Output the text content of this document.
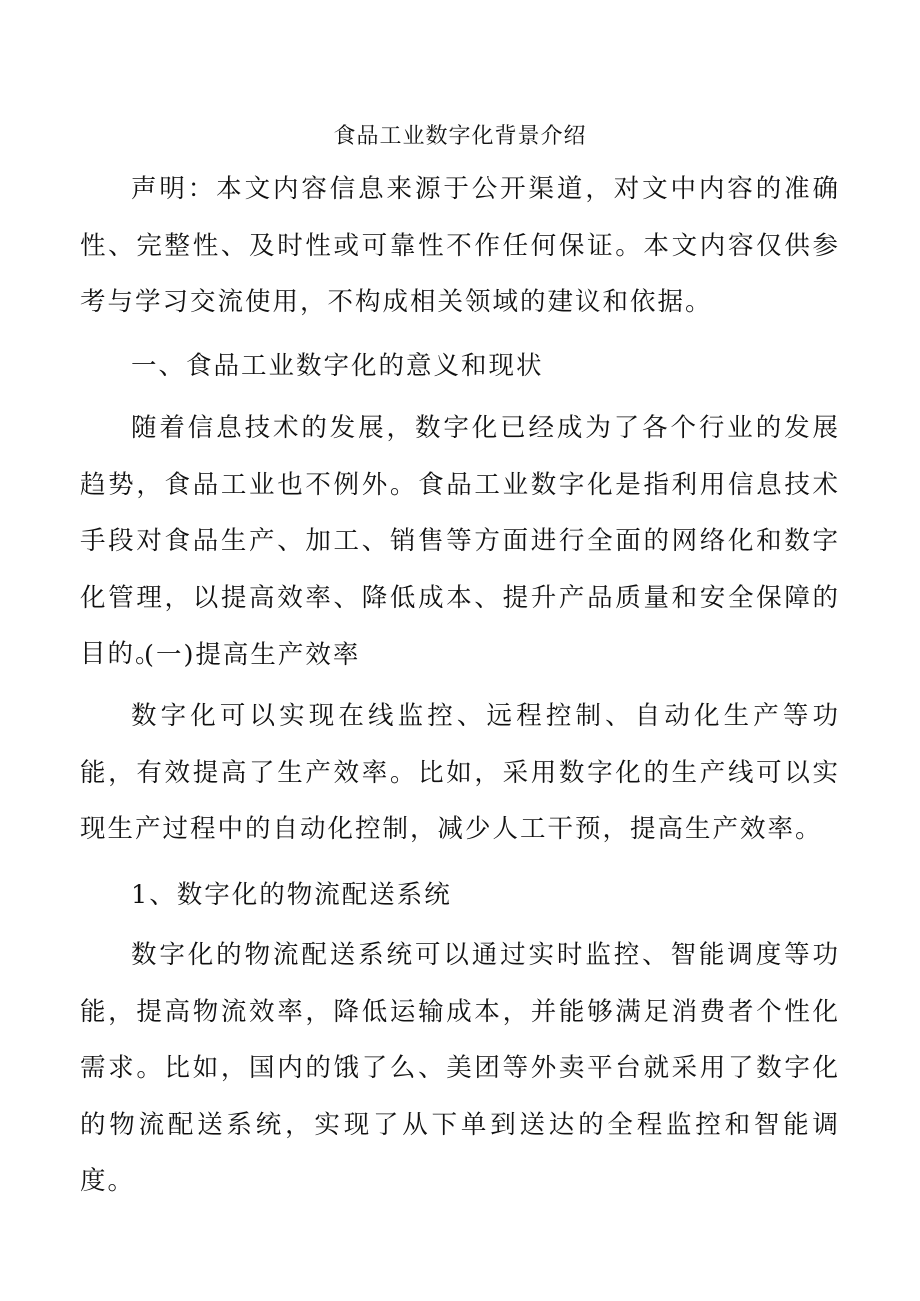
食品工业数字化背景介绍

声明：本文内容信息来源于公开渠道，对文中内容的准确性、完整性、及时性或可靠性不作任何保证。本文内容仅供参考与学习交流使用，不构成相关领域的建议和依据。

一、食品工业数字化的意义和现状

随着信息技术的发展，数字化已经成为了各个行业的发展趋势，食品工业也不例外。食品工业数字化是指利用信息技术手段对食品生产、加工、销售等方面进行全面的网络化和数字化管理，以提高效率、降低成本、提升产品质量和安全保障的目的。

(一)提高生产效率

数字化可以实现在线监控、远程控制、自动化生产等功能，有效提高了生产效率。比如，采用数字化的生产线可以实现生产过程中的自动化控制，减少人工干预，提高生产效率。

1、数字化的物流配送系统

数字化的物流配送系统可以通过实时监控、智能调度等功能，提高物流效率，降低运输成本，并能够满足消费者个性化需求。比如，国内的饿了么、美团等外卖平台就采用了数字化的物流配送系统，实现了从下单到送达的全程监控和智能调度。
